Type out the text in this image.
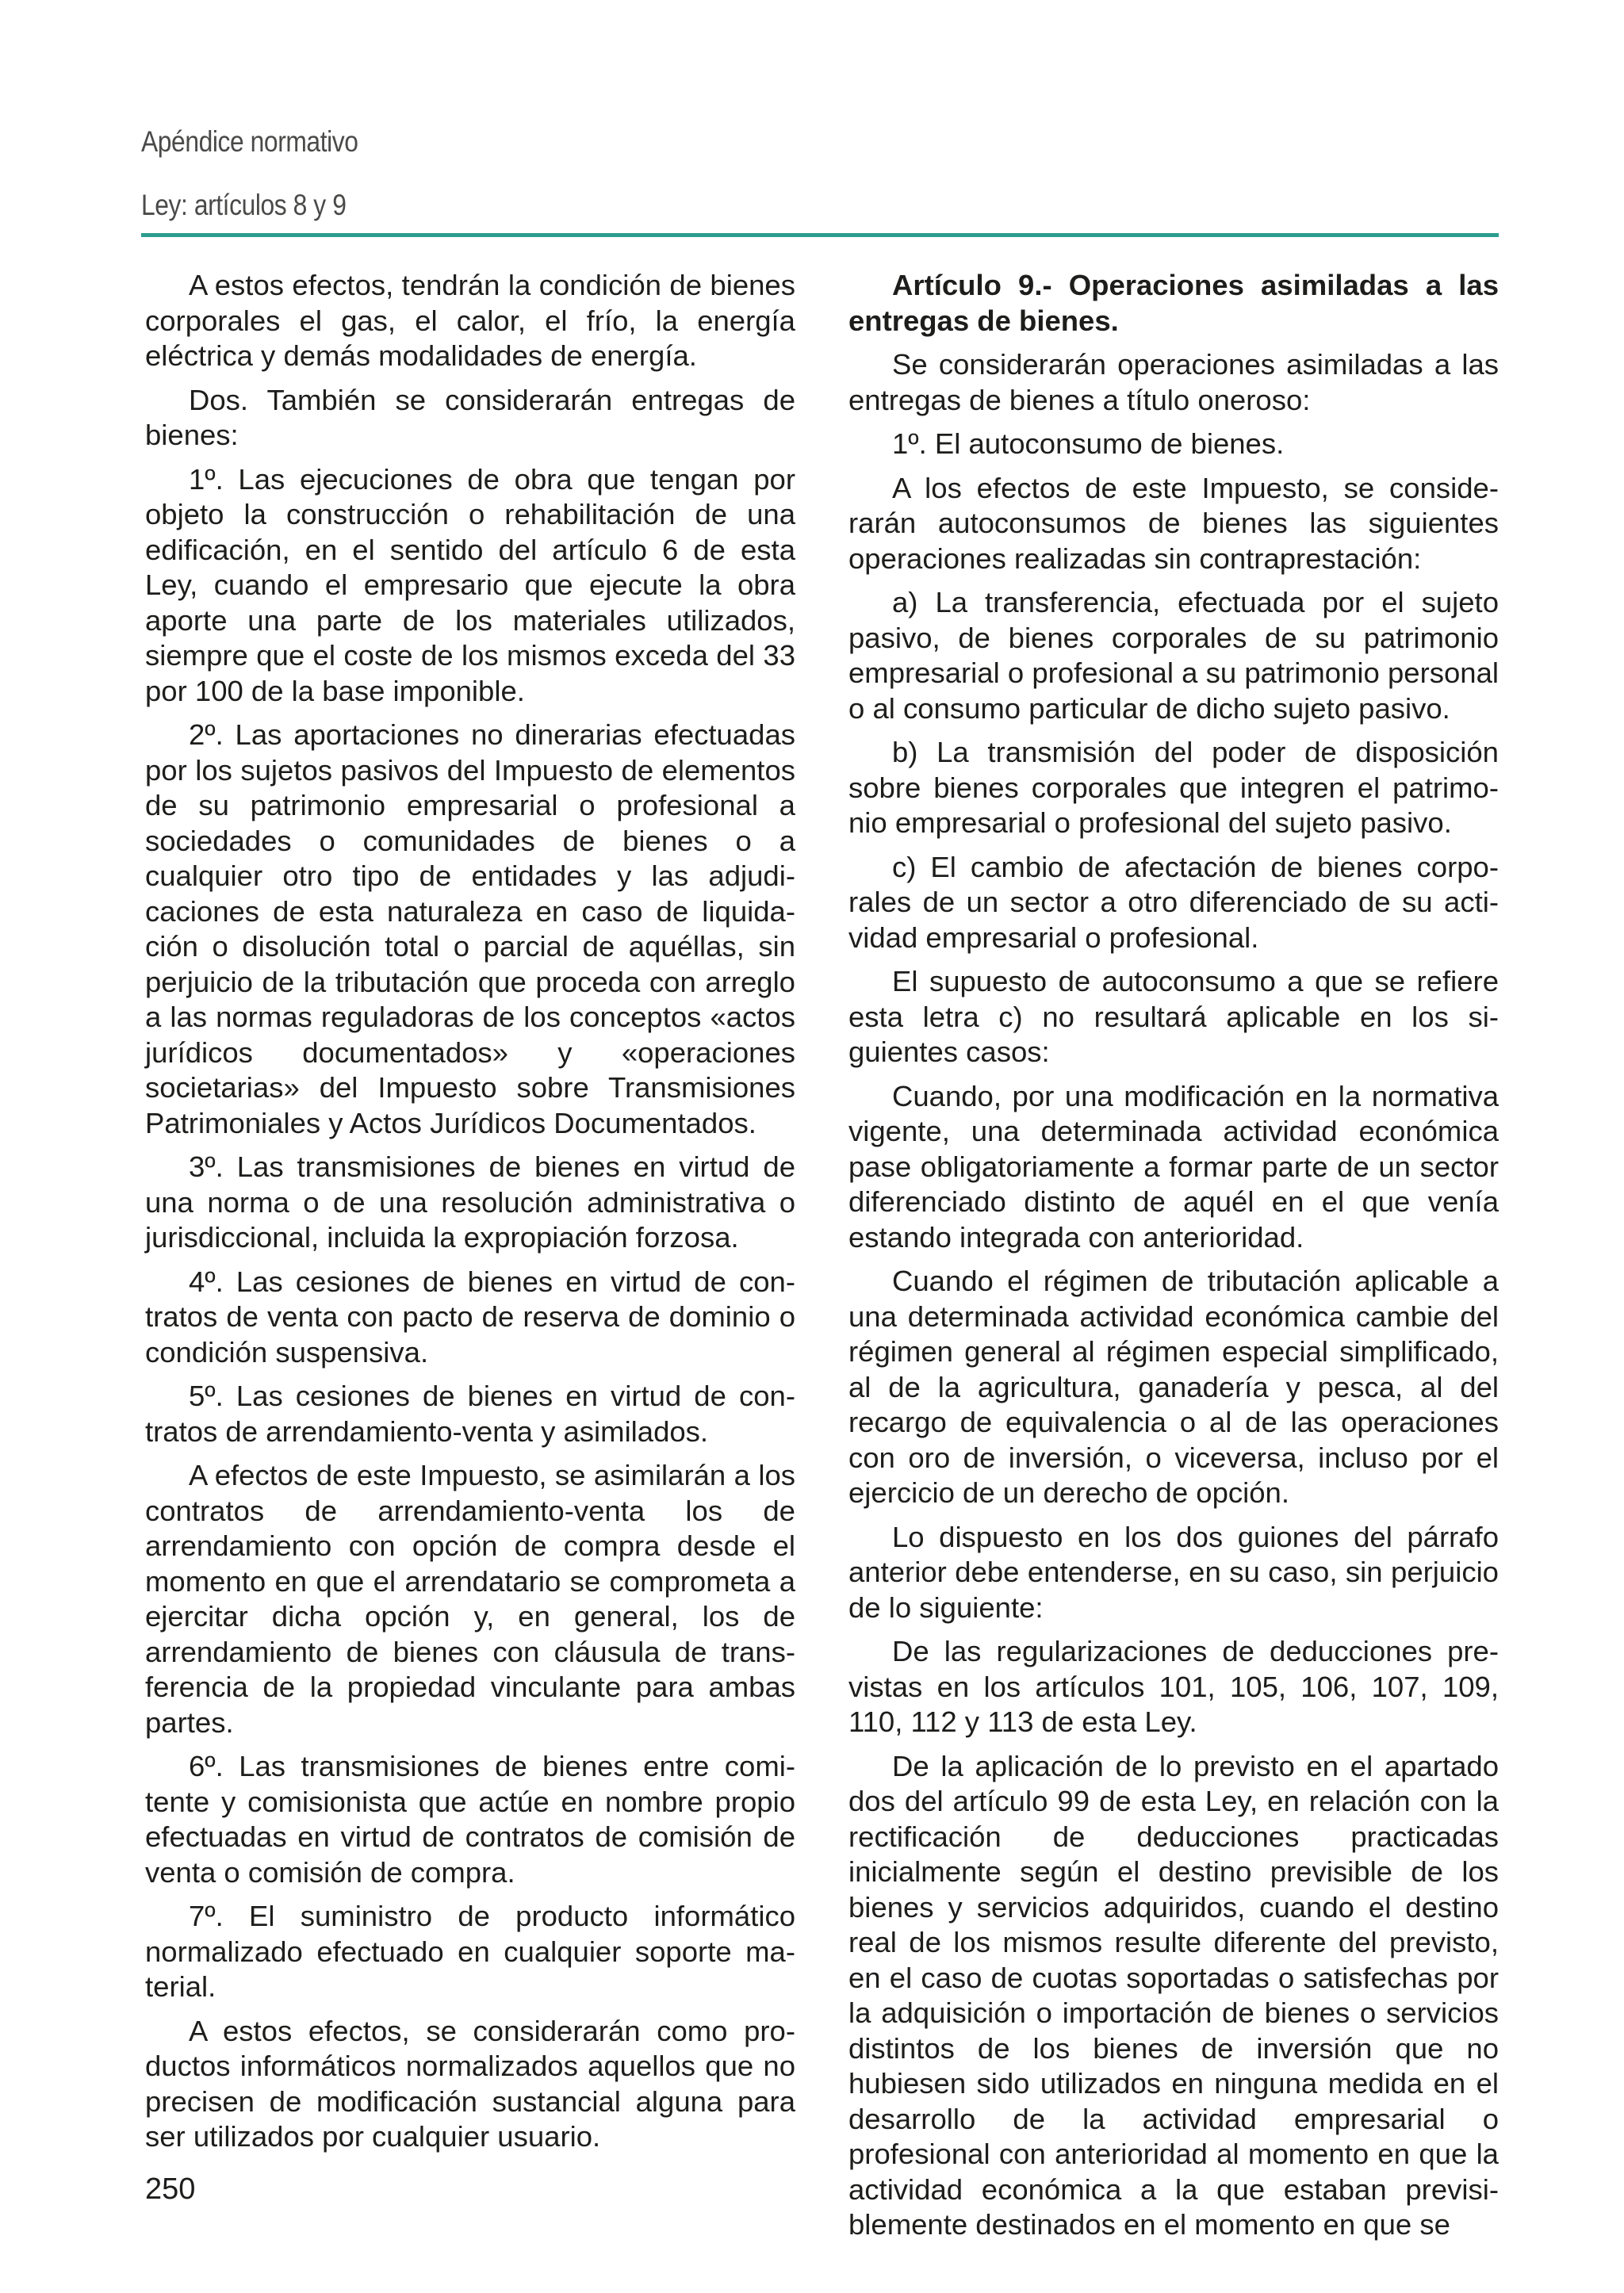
Apéndice normativo
Ley: artículos 8 y 9

A estos efectos, tendrán la condición de bienes corporales el gas, el calor, el frío, la energía eléctrica y demás modalidades de energía.

Dos. También se considerarán entregas de bienes:

1º. Las ejecuciones de obra que tengan por objeto la construcción o rehabilitación de una edificación, en el sentido del artículo 6 de esta Ley, cuando el empresario que ejecute la obra aporte una parte de los materiales utilizados, siempre que el coste de los mismos exceda del 33 por 100 de la base imponible.

2º. Las aportaciones no dinerarias efectuadas por los sujetos pasivos del Impuesto de elementos de su patrimonio empresarial o profesional a sociedades o comunidades de bienes o a cualquier otro tipo de entidades y las adjudicaciones de esta naturaleza en caso de liquidación o disolución total o parcial de aquéllas, sin perjuicio de la tributación que proceda con arreglo a las normas reguladoras de los conceptos «actos jurídicos documentados» y «operaciones societarias» del Impuesto sobre Transmisiones Patrimoniales y Actos Jurídicos Documentados.

3º. Las transmisiones de bienes en virtud de una norma o de una resolución administrativa o jurisdiccional, incluida la expropiación forzosa.

4º. Las cesiones de bienes en virtud de contratos de venta con pacto de reserva de dominio o condición suspensiva.

5º. Las cesiones de bienes en virtud de contratos de arrendamiento-venta y asimilados.

A efectos de este Impuesto, se asimilarán a los contratos de arrendamiento-venta los de arrendamiento con opción de compra desde el momento en que el arrendatario se comprometa a ejercitar dicha opción y, en general, los de arrendamiento de bienes con cláusula de transferencia de la propiedad vinculante para ambas partes.

6º. Las transmisiones de bienes entre comitente y comisionista que actúe en nombre propio efectuadas en virtud de contratos de comisión de venta o comisión de compra.

7º. El suministro de producto informático normalizado efectuado en cualquier soporte material.

A estos efectos, se considerarán como productos informáticos normalizados aquellos que no precisen de modificación sustancial alguna para ser utilizados por cualquier usuario.

Artículo 9.- Operaciones asimiladas a las entregas de bienes.

Se considerarán operaciones asimiladas a las entregas de bienes a título oneroso:

1º. El autoconsumo de bienes.

A los efectos de este Impuesto, se considerarán autoconsumos de bienes las siguientes operaciones realizadas sin contraprestación:

a) La transferencia, efectuada por el sujeto pasivo, de bienes corporales de su patrimonio empresarial o profesional a su patrimonio personal o al consumo particular de dicho sujeto pasivo.

b) La transmisión del poder de disposición sobre bienes corporales que integren el patrimonio empresarial o profesional del sujeto pasivo.

c) El cambio de afectación de bienes corporales de un sector a otro diferenciado de su actividad empresarial o profesional.

El supuesto de autoconsumo a que se refiere esta letra c) no resultará aplicable en los siguientes casos:

Cuando, por una modificación en la normativa vigente, una determinada actividad económica pase obligatoriamente a formar parte de un sector diferenciado distinto de aquél en el que venía estando integrada con anterioridad.

Cuando el régimen de tributación aplicable a una determinada actividad económica cambie del régimen general al régimen especial simplificado, al de la agricultura, ganadería y pesca, al del recargo de equivalencia o al de las operaciones con oro de inversión, o viceversa, incluso por el ejercicio de un derecho de opción.

Lo dispuesto en los dos guiones del párrafo anterior debe entenderse, en su caso, sin perjuicio de lo siguiente:

De las regularizaciones de deducciones previstas en los artículos 101, 105, 106, 107, 109, 110, 112 y 113 de esta Ley.

De la aplicación de lo previsto en el apartado dos del artículo 99 de esta Ley, en relación con la rectificación de deducciones practicadas inicialmente según el destino previsible de los bienes y servicios adquiridos, cuando el destino real de los mismos resulte diferente del previsto, en el caso de cuotas soportadas o satisfechas por la adquisición o importación de bienes o servicios distintos de los bienes de inversión que no hubiesen sido utilizados en ninguna medida en el desarrollo de la actividad empresarial o profesional con anterioridad al momento en que la actividad económica a la que estaban previsiblemente destinados en el momento en que se

250
